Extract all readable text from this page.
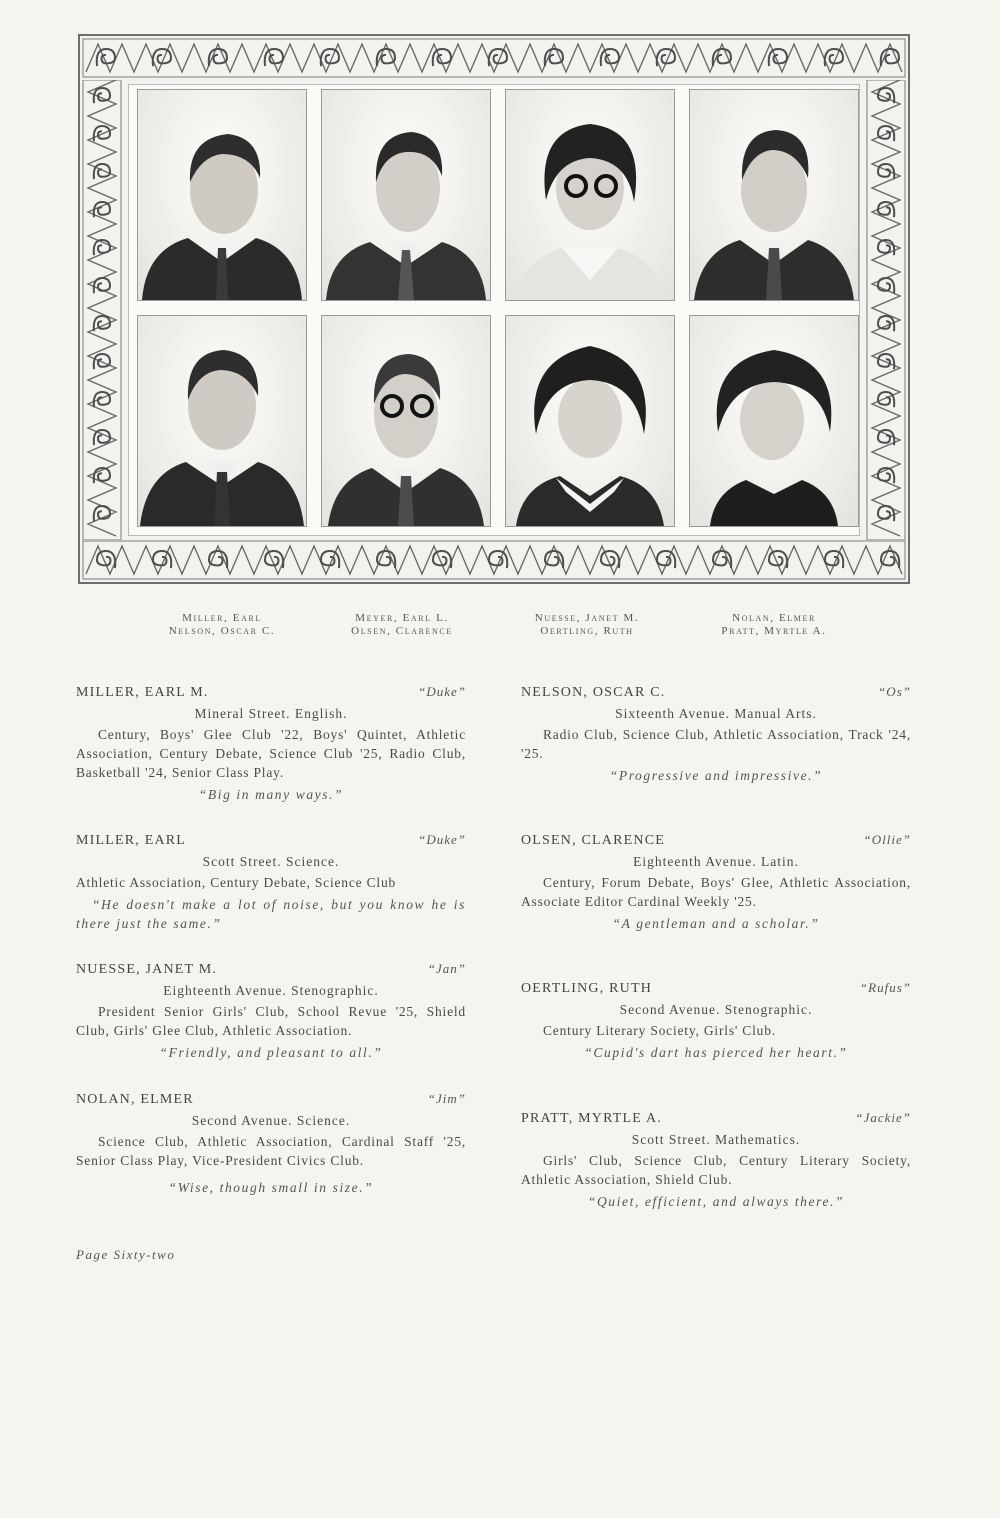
Miller, Earl
Nelson, Oscar C.
Meyer, Earl L.
Olsen, Clarence
Nuesse, Janet M.
Oertling, Ruth
Nolan, Elmer
Pratt, Myrtle A.
MILLER, EARL M.	“Duke”
Mineral Street. English.
Century, Boys' Glee Club '22, Boys' Quintet, Athletic Association, Century Debate, Science Club '25, Radio Club, Basketball '24, Senior Class Play.
“Big in many ways.”
MILLER, EARL	“Duke”
Scott Street. Science.
Athletic Association, Century Debate, Science Club
“He doesn't make a lot of noise, but you know he is there just the same.”
NUESSE, JANET M.	“Jan”
Eighteenth Avenue. Stenographic.
President Senior Girls' Club, School Revue '25, Shield Club, Girls' Glee Club, Athletic Association.
“Friendly, and pleasant to all.”
NOLAN, ELMER	“Jim”
Second Avenue. Science.
Science Club, Athletic Association, Cardinal Staff '25, Senior Class Play, Vice-President Civics Club.
“Wise, though small in size.”
NELSON, OSCAR C.	“Os”
Sixteenth Avenue. Manual Arts.
Radio Club, Science Club, Athletic Association, Track '24, '25.
“Progressive and impressive.”
OLSEN, CLARENCE	“Ollie”
Eighteenth Avenue. Latin.
Century, Forum Debate, Boys' Glee, Athletic Association, Associate Editor Cardinal Weekly '25.
“A gentleman and a scholar.”
OERTLING, RUTH	“Rufus”
Second Avenue. Stenographic.
Century Literary Society, Girls' Club.
“Cupid's dart has pierced her heart.”
PRATT, MYRTLE A.	“Jackie”
Scott Street. Mathematics.
Girls' Club, Science Club, Century Literary Society, Athletic Association, Shield Club.
“Quiet, efficient, and always there.”
Page Sixty-two
